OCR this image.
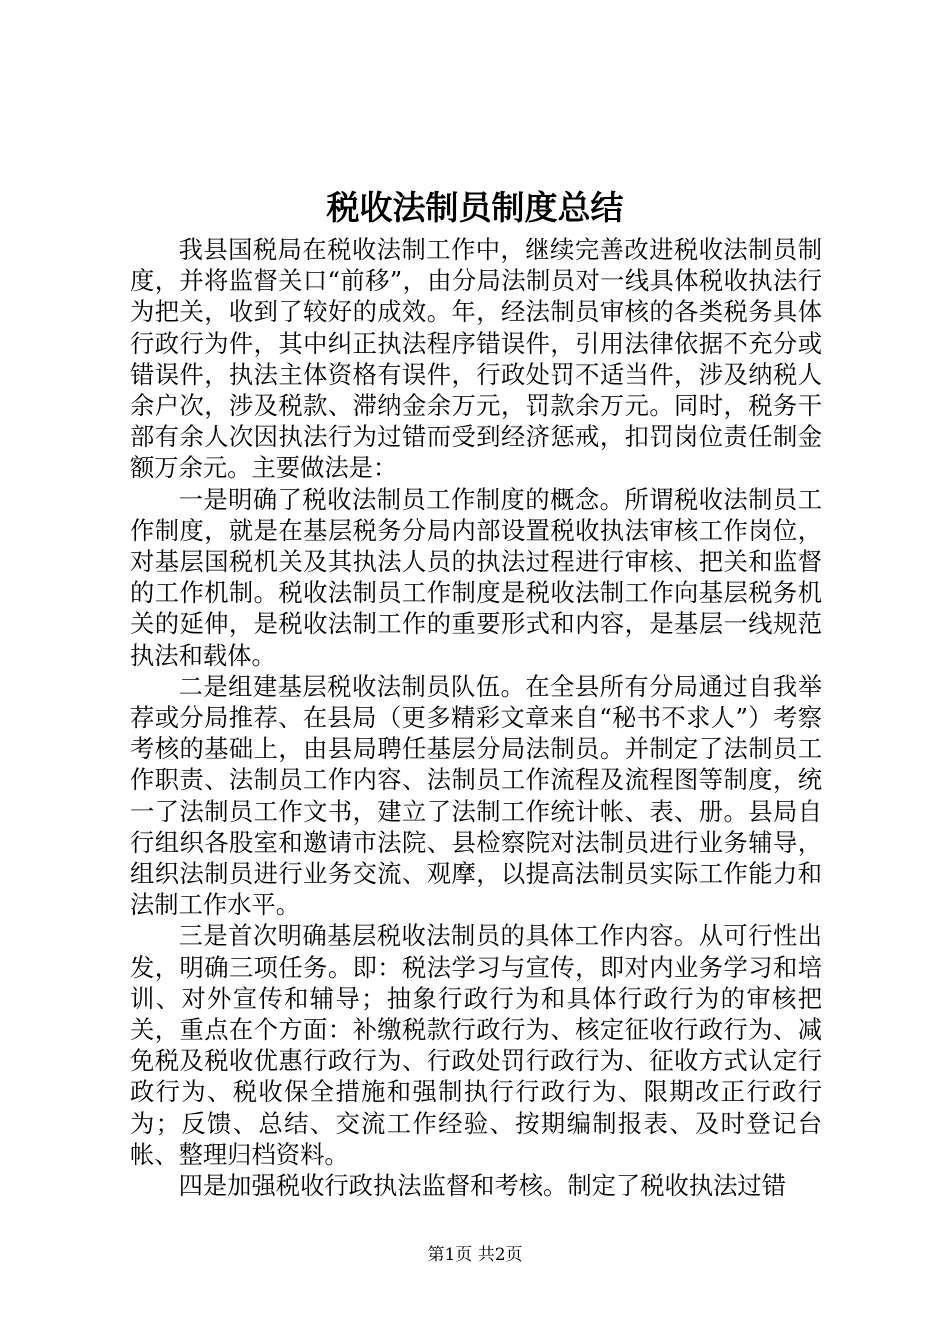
税收法制员制度总结

我县国税局在税收法制工作中，继续完善改进税收法制员制度，并将监督关口“前移”，由分局法制员对一线具体税收执法行为把关，收到了较好的成效。年，经法制员审核的各类税务具体行政行为件，其中纠正执法程序错误件，引用法律依据不充分或错误件，执法主体资格有误件，行政处罚不适当件，涉及纳税人余户次，涉及税款、滞纳金余万元，罚款余万元。同时，税务干部有余人次因执法行为过错而受到经济惩戒，扣罚岗位责任制金额万余元。主要做法是：

一是明确了税收法制员工作制度的概念。所谓税收法制员工作制度，就是在基层税务分局内部设置税收执法审核工作岗位，对基层国税机关及其执法人员的执法过程进行审核、把关和监督的工作机制。税收法制员工作制度是税收法制工作向基层税务机关的延伸，是税收法制工作的重要形式和内容，是基层一线规范执法和载体。

二是组建基层税收法制员队伍。在全县所有分局通过自我举荐或分局推荐、在县局（更多精彩文章来自“秘书不求人”）考察考核的基础上，由县局聘任基层分局法制员。并制定了法制员工作职责、法制员工作内容、法制员工作流程及流程图等制度，统一了法制员工作文书，建立了法制工作统计帐、表、册。县局自行组织各股室和邀请市法院、县检察院对法制员进行业务辅导，组织法制员进行业务交流、观摩，以提高法制员实际工作能力和法制工作水平。

三是首次明确基层税收法制员的具体工作内容。从可行性出发，明确三项任务。即：税法学习与宣传，即对内业务学习和培训、对外宣传和辅导；抽象行政行为和具体行政行为的审核把关，重点在个方面：补缴税款行政行为、核定征收行政行为、减免税及税收优惠行政行为、行政处罚行政行为、征收方式认定行政行为、税收保全措施和强制执行行政行为、限期改正行政行为；反馈、总结、交流工作经验、按期编制报表、及时登记台帐、整理归档资料。

四是加强税收行政执法监督和考核。制定了税收执法过错

第1页 共2页
